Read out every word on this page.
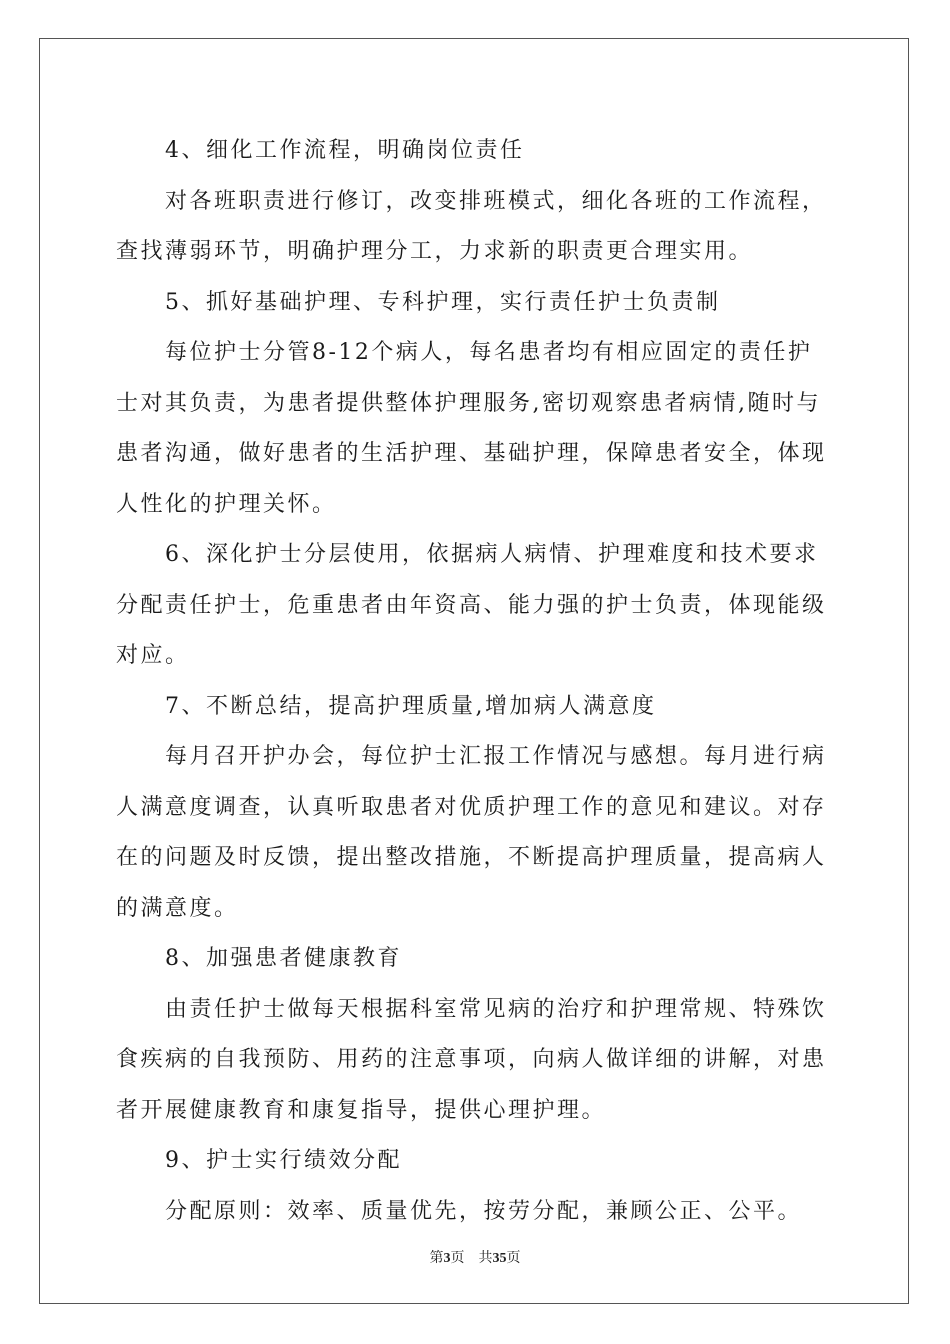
4、细化工作流程，明确岗位责任

对各班职责进行修订，改变排班模式，细化各班的工作流程，查找薄弱环节，明确护理分工，力求新的职责更合理实用。

5、抓好基础护理、专科护理，实行责任护士负责制

每位护士分管8-12个病人，每名患者均有相应固定的责任护士对其负责，为患者提供整体护理服务,密切观察患者病情,随时与患者沟通，做好患者的生活护理、基础护理，保障患者安全，体现人性化的护理关怀。

6、深化护士分层使用，依据病人病情、护理难度和技术要求分配责任护士，危重患者由年资高、能力强的护士负责，体现能级对应。

7、不断总结，提高护理质量,增加病人满意度

每月召开护办会，每位护士汇报工作情况与感想。每月进行病人满意度调查，认真听取患者对优质护理工作的意见和建议。对存在的问题及时反馈，提出整改措施，不断提高护理质量，提高病人的满意度。

8、加强患者健康教育

由责任护士做每天根据科室常见病的治疗和护理常规、特殊饮食疾病的自我预防、用药的注意事项，向病人做详细的讲解，对患者开展健康教育和康复指导，提供心理护理。

9、护士实行绩效分配

分配原则：效率、质量优先，按劳分配，兼顾公正、公平。

第3页　共35页
